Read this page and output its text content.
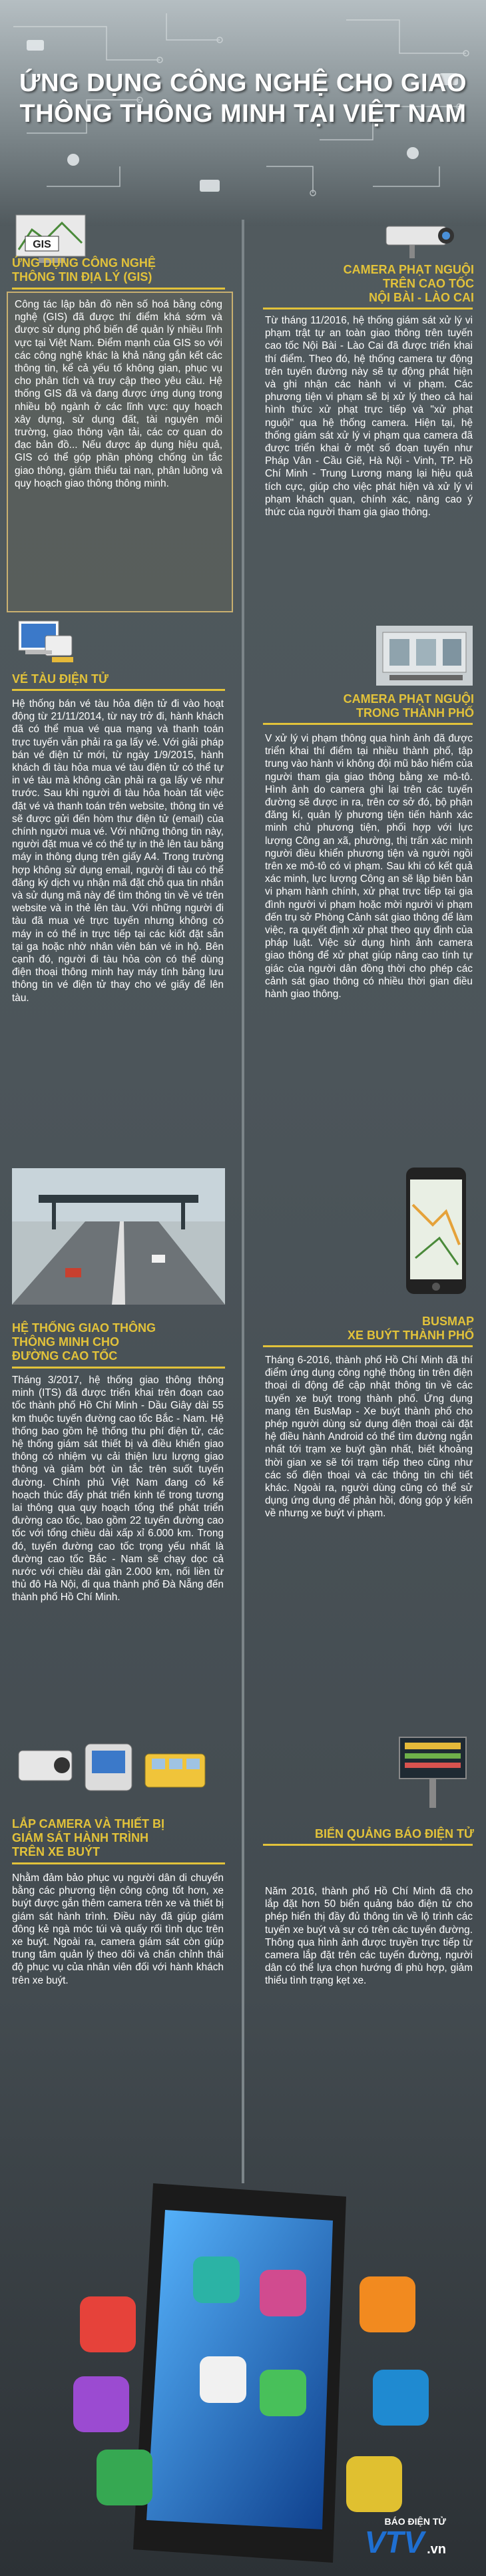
ỨNG DỤNG CÔNG NGHỆ CHO GIAO
THÔNG THÔNG MINH TẠI VIỆT NAM
GIS
ỨNG DỤNG CÔNG NGHỆ
THÔNG TIN ĐỊA LÝ (GIS)
Công tác lập bản đồ nền số hoá bằng công nghệ (GIS) đã được thí điểm khá sớm và được sử dụng phổ biến để quản lý nhiều lĩnh vực tại Việt Nam. Điểm mạnh của GIS so với các công nghệ khác là khả năng gắn kết các thông tin, kể cả yếu tố không gian, phục vụ cho phân tích và truy cập theo yêu cầu. Hệ thống GIS đã và đang được ứng dụng trong nhiều bộ ngành ở các lĩnh vực: quy hoạch xây dựng, sử dụng đất, tài nguyên môi trường, giao thông vận tải, các cơ quan do đạc bản đồ... Nếu được áp dụng hiệu quả, GIS có thể góp phần phòng chống ùn tắc giao thông, giám thiểu tai nạn, phân luồng và quy hoạch giao thông thông minh.
CAMERA PHẠT NGUỘI
TRÊN CAO TỐC
NỘI BÀI - LÀO CAI
Từ tháng 11/2016, hệ thống giám sát xử lý vi phạm trật tự an toàn giao thông trên tuyến cao tốc Nội Bài - Lào Cai đã được triển khai thí điểm. Theo đó, hệ thống camera tự động trên tuyến đường này sẽ tự động phát hiện và ghi nhận các hành vi vi phạm. Các phương tiện vi phạm sẽ bị xử lý theo cả hai hình thức xử phạt trực tiếp và "xử phạt nguội" qua hệ thống camera. Hiện tại, hệ thống giám sát xử lý vi phạm qua camera đã được triển khai ở một số đoạn tuyến như Pháp Vân - Cầu Giẽ, Hà Nội - Vinh, TP. Hồ Chí Minh - Trung Lương mang lại hiệu quả tích cực, giúp cho việc phát hiện và xử lý vi phạm khách quan, chính xác, nâng cao ý thức của người tham gia giao thông.
VÉ TÀU ĐIỆN TỬ
Hệ thống bán vé tàu hỏa điện tử đi vào hoạt động từ 21/11/2014, từ nay trở đi, hành khách đã có thể mua vé qua mạng và thanh toán trực tuyến vẫn phải ra ga lấy vé. Với giải pháp bán vé điện tử mới, từ ngày 1/9/2015, hành khách đi tàu hỏa mua vé tàu điện tử có thể tự in vé tàu mà không cần phải ra ga lấy vé như trước. Sau khi người đi tàu hỏa hoàn tất việc đặt vé và thanh toán trên website, thông tin vé sẽ được gửi đến hòm thư điện tử (email) của chính người mua vé. Với những thông tin này, người đặt mua vé có thể tự in thẻ lên tàu bằng máy in thông dụng trên giấy A4. Trong trường hợp không sử dụng email, người đi tàu có thể đăng ký dịch vụ nhận mã đặt chỗ qua tin nhắn và sử dụng mã này để tìm thông tin về vé trên website và in thẻ lên tàu. Với những người đi tàu đã mua vé trực tuyến nhưng không có máy in có thể in trực tiếp tại các kiốt đặt sẵn tại ga hoặc nhờ nhân viên bán vé in hộ. Bên cạnh đó, người đi tàu hỏa còn có thể dùng điện thoại thông minh hay máy tính bảng lưu thông tin vé điện tử thay cho vé giấy để lên tàu.
CAMERA PHẠT NGUỘI
TRONG THÀNH PHỐ
V xử lý vi phạm thông qua hình ảnh đã được triển khai thí điểm tại nhiều thành phố, tập trung vào hành vi không đội mũ bảo hiểm của người tham gia giao thông bằng xe mô-tô. Hình ảnh do camera ghi lại trên các tuyến đường sẽ được in ra, trên cơ sở đó, bộ phận đăng kí, quản lý phương tiện tiến hành xác minh chủ phương tiện, phối hợp với lực lượng Công an xã, phường, thị trấn xác minh người điều khiển phương tiện và người ngồi trên xe mô-tô có vi phạm. Sau khi có kết quả xác minh, lực lượng Công an sẽ lập biên bản vi phạm hành chính, xử phạt trực tiếp tại gia đình người vi phạm hoặc mời người vi phạm đến trụ sở Phòng Cảnh sát giao thông để làm việc, ra quyết định xử phạt theo quy định của pháp luật. Việc sử dụng hình ảnh camera giao thông để xử phạt giúp nâng cao tính tự giác của người dân đồng thời cho phép các cảnh sát giao thông có nhiều thời gian điều hành giao thông.
HỆ THỐNG GIAO THÔNG
THÔNG MINH CHO
ĐƯỜNG CAO TỐC
Tháng 3/2017, hệ thống giao thông thông minh (ITS) đã được triển khai trên đoạn cao tốc thành phố Hồ Chí Minh - Dầu Giây dài 55 km thuộc tuyến đường cao tốc Bắc - Nam. Hệ thống bao gồm hệ thống thu phí điện tử, các hệ thống giám sát thiết bị và điều khiển giao thông có nhiệm vụ cải thiện lưu lượng giao thông và giảm bớt ùn tắc trên suốt tuyến đường. Chính phủ Việt Nam đang có kế hoạch thúc đẩy phát triển kinh tế trong tương lai thông qua quy hoạch tổng thể phát triển đường cao tốc, bao gồm 22 tuyến đường cao tốc với tổng chiều dài xấp xỉ 6.000 km. Trong đó, tuyến đường cao tốc trọng yếu nhất là đường cao tốc Bắc - Nam sẽ chạy dọc cả nước với chiều dài gần 2.000 km, nối liền từ thủ đô Hà Nội, đi qua thành phố Đà Nẵng đến thành phố Hồ Chí Minh.
BUSMAP
XE BUÝT THÀNH PHỐ
Tháng 6-2016, thành phố Hồ Chí Minh đã thí điểm ứng dụng công nghệ thông tin trên điện thoại di động để cập nhật thông tin về các tuyến xe buýt trong thành phố. Ứng dụng mang tên BusMap - Xe buýt thành phố cho phép người dùng sử dụng điện thoại cài đặt hệ điều hành Android có thể tìm đường ngắn nhất tới trạm xe buýt gần nhất, biết khoảng thời gian xe sẽ tới trạm tiếp theo cũng như các số điện thoại và các thông tin chi tiết khác. Ngoài ra, người dùng cũng có thể sử dụng ứng dụng để phản hồi, đóng góp ý kiến về nhưng xe buýt vi phạm.
LẮP CAMERA VÀ THIẾT BỊ
GIÁM SÁT HÀNH TRÌNH
TRÊN XE BUÝT
Nhằm đảm bảo phục vụ người dân di chuyển bằng các phương tiện công cộng tốt hơn, xe buýt được gắn thêm camera trên xe và thiết bị giám sát hành trình. Điều này đã giúp giám đông kẻ ngà móc túi và quấy rối tình dục trên xe buýt. Ngoài ra, camera giám sát còn giúp trung tâm quản lý theo dõi và chấn chỉnh thái độ phục vụ của nhân viên đối với hành khách trên xe buýt.
BIỂN QUẢNG BÁO ĐIỆN TỬ
Năm 2016, thành phố Hồ Chí Minh đã cho lắp đặt hơn 50 biển quảng báo điện tử cho phép hiển thị đầy đủ thông tin về lộ trình các tuyến xe buýt và sự có trên các tuyến đường. Thông qua hình ảnh được truyền trực tiếp từ camera lắp đặt trên các tuyến đường, người dân có thể lựa chọn hướng đi phù hợp, giảm thiểu tình trạng kẹt xe.
BÁO ĐIỆN TỬ
VTV .vn
